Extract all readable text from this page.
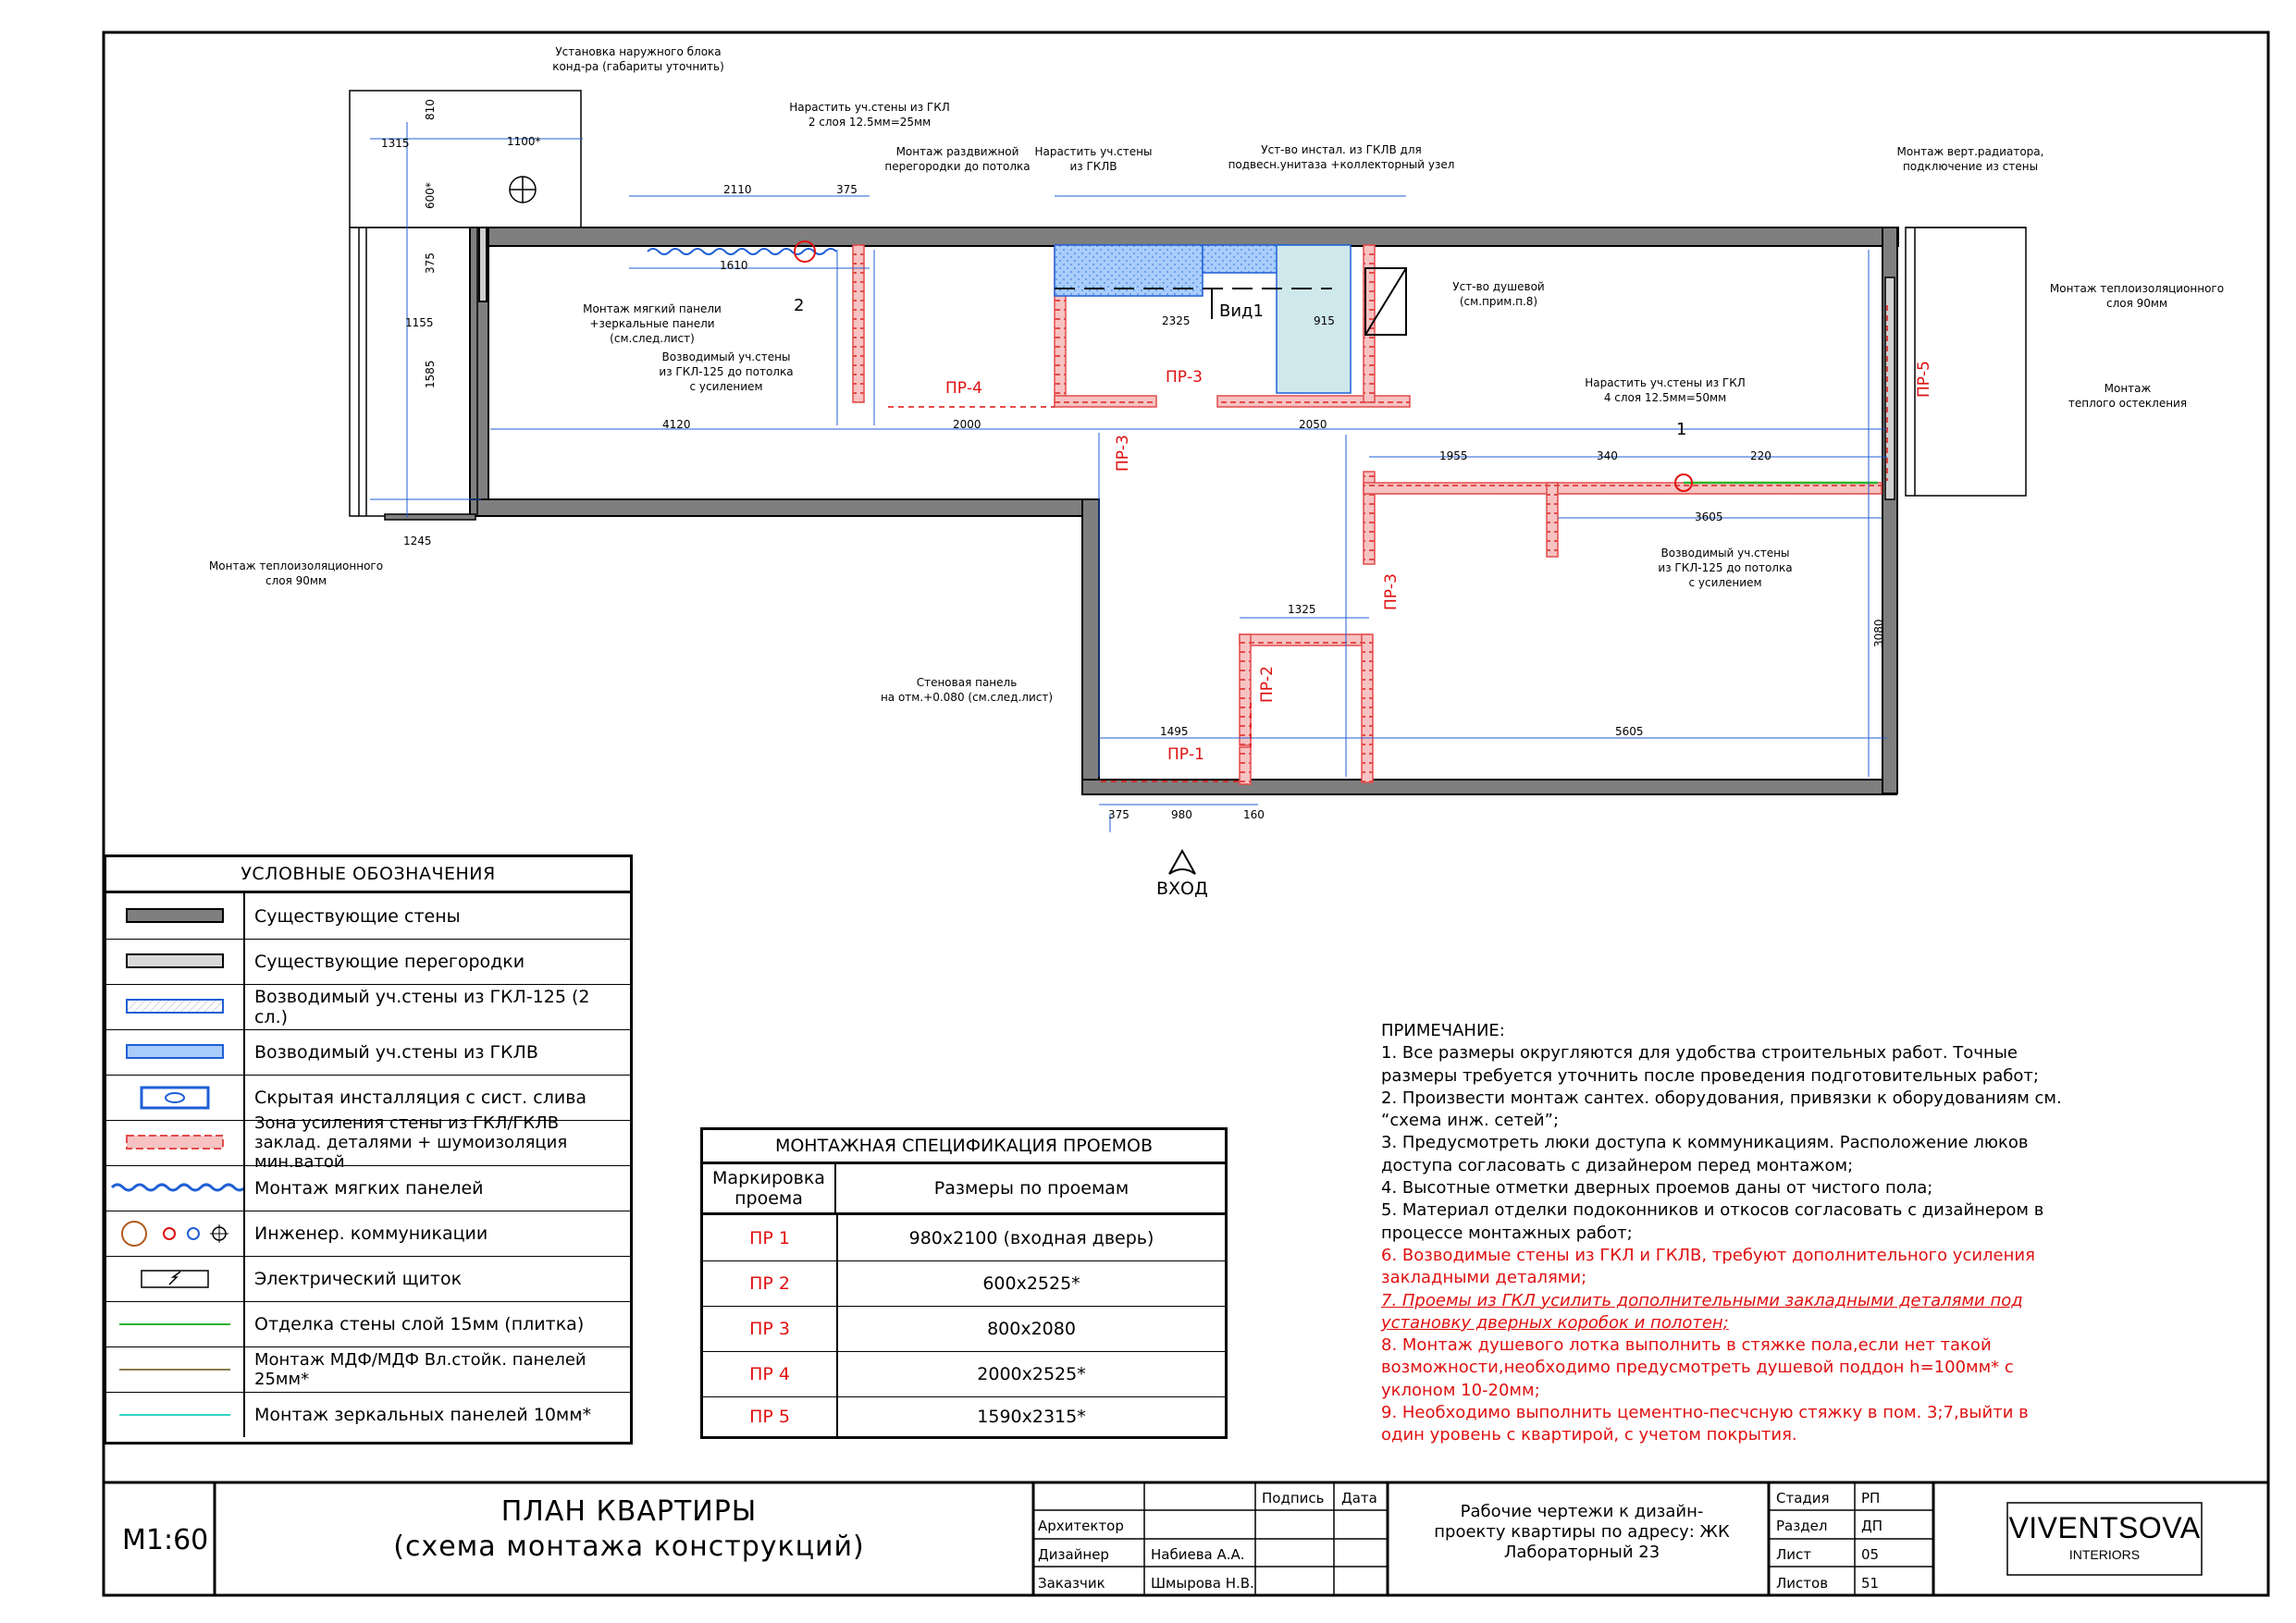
ПР-1
ПР-2
ПР-3
ПР-3
ПР-3
ПР-4	ПР-5
Вид1
2
1
ВХОД
Установка наружного блока
конд-ра (габариты уточнить)
Нарастить уч.стены из ГКЛ
2 слоя 12.5мм=25мм
Монтаж раздвижной
перегородки до потолка
Нарастить уч.стены
из ГКЛВ
Уст-во инстал. из ГКЛВ для
подвесн.унитаза +коллекторный узел
Монтаж верт.радиатора,
подключение из стены
Монтаж теплоизоляционного
слоя 90мм
Монтаж
теплого остекления
Уст-во душевой
(см.прим.п.8)
Монтаж мягкий панели
+зеркальные панели (см.след.лист)
Возводимый уч.стены
из ГКЛ-125 до потолка
с усилением	Нарастить уч.стены из ГКЛ
4 слоя 12.5мм=50мм
Возводимый уч.стены
из ГКЛ-125 до потолка
с усилением
Стеновая панель
на отм.+0.080 (см.след.лист)
Монтаж теплоизоляционного
слоя 90мм
1315
810
1100*
600*
375
1155
1585
1245
2110	375
1610
4120	2000	2050
2325	915
1955	340	220
3605
1325
1495	5605
375	980	160
3080
УСЛОВНЫЕ ОБОЗНАЧЕНИЯ
Существующие стены
Существующие перегородки
Возводимый уч.стены из ГКЛ-125 (2 сл.)
Возводимый уч.стены из ГКЛВ
Скрытая инсталляция с сист. слива
Зона усиления стены из ГКЛ/ГКЛВ заклад. деталями + шумоизоляция мин.ватой
Монтаж мягких панелей
Инженер. коммуникации
Электрический щиток
Отделка стены слой 15мм (плитка)
Монтаж МДФ/МДФ Вл.стойк. панелей 25мм*
Монтаж зеркальных панелей 10мм*
МОНТАЖНАЯ СПЕЦИФИКАЦИЯ ПРОЕМОВ
Маркировка проема	Размеры по проемам
ПР 1	980х2100 (входная дверь)
ПР 2	600х2525*
ПР 3	800х2080
ПР 4	2000х2525*
ПР 5	1590х2315*
ПРИМЕЧАНИЕ:
1. Все размеры округляются для удобства строительных работ. Точные размеры требуется уточнить после проведения подготовительных работ;
2. Произвести монтаж сантех. оборудования, привязки к оборудованиям см. “схема инж. сетей”;
3. Предусмотреть люки доступа к коммуникациям. Расположение люков доступа согласовать с дизайнером перед монтажом;
4. Высотные отметки дверных проемов даны от чистого пола;
5. Материал отделки подоконников и откосов согласовать с дизайнером в процессе монтажных работ;
6. Возводимые стены из ГКЛ и ГКЛВ, требуют дополнительного усиления закладными деталями;
7. Проемы из ГКЛ усилить дополнительными закладными деталями под установку дверных коробок и полотен;
8. Монтаж душевого лотка выполнить в стяжке пола,если нет такой возможности,необходимо предусмотреть душевой поддон h=100мм* с уклоном 10-20мм;
9. Необходимо выполнить цементно-песчсную стяжку в пом. 3;7,выйти в один уровень с квартирой, с учетом покрытия.
М1:60
ПЛАН КВАРТИРЫ
(схема монтажа конструкций)
Подпись Дата
Архитектор
Дизайнер	Набиева А.А.
Заказчик	Шмырова Н.В.
Рабочие чертежи к дизайн-проекту квартиры по адресу: ЖК Лабораторный 23
Стадия РП
Раздел ДП
Лист	05
Листов 51
VIVENTSOVA
INTERIORS
